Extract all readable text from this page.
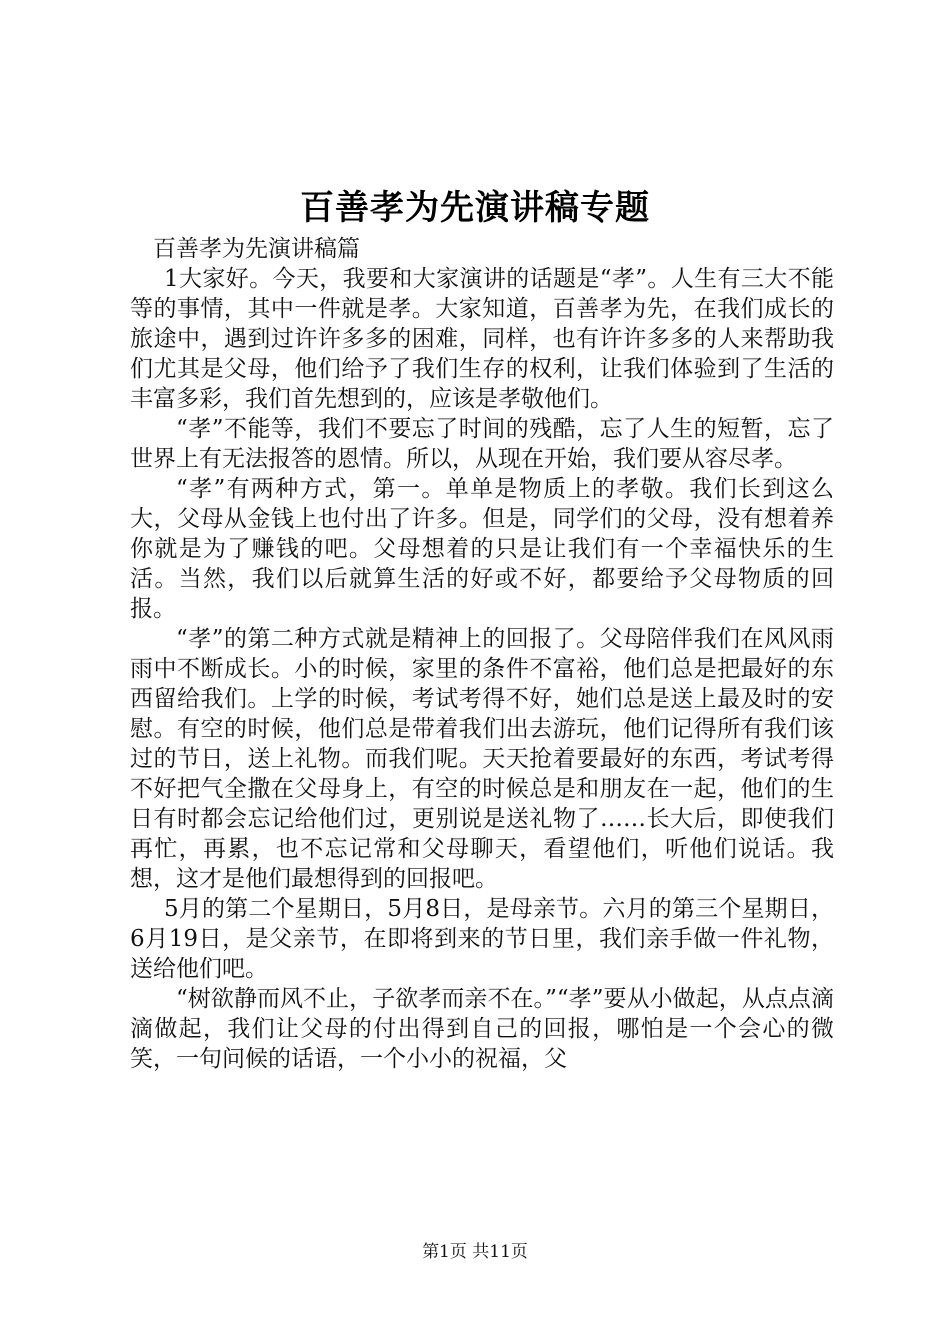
百善孝为先演讲稿专题

百善孝为先演讲稿篇

1大家好。今天，我要和大家演讲的话题是“孝”。人生有三大不能等的事情，其中一件就是孝。大家知道，百善孝为先，在我们成长的旅途中，遇到过许许多多的困难，同样，也有许许多多的人来帮助我们尤其是父母，他们给予了我们生存的权利，让我们体验到了生活的丰富多彩，我们首先想到的，应该是孝敬他们。

“孝”不能等，我们不要忘了时间的残酷，忘了人生的短暂，忘了世界上有无法报答的恩情。所以，从现在开始，我们要从容尽孝。

“孝”有两种方式，第一。单单是物质上的孝敬。我们长到这么大，父母从金钱上也付出了许多。但是，同学们的父母，没有想着养你就是为了赚钱的吧。父母想着的只是让我们有一个幸福快乐的生活。当然，我们以后就算生活的好或不好，都要给予父母物质的回报。

“孝”的第二种方式就是精神上的回报了。父母陪伴我们在风风雨雨中不断成长。小的时候，家里的条件不富裕，他们总是把最好的东西留给我们。上学的时候，考试考得不好，她们总是送上最及时的安慰。有空的时候，他们总是带着我们出去游玩，他们记得所有我们该过的节日，送上礼物。而我们呢。天天抢着要最好的东西，考试考得不好把气全撒在父母身上，有空的时候总是和朋友在一起，他们的生日有时都会忘记给他们过，更别说是送礼物了……长大后，即使我们再忙，再累，也不忘记常和父母聊天，看望他们，听他们说话。我想，这才是他们最想得到的回报吧。

5月的第二个星期日，5月8日，是母亲节。六月的第三个星期日，6月19日，是父亲节，在即将到来的节日里，我们亲手做一件礼物，送给他们吧。

“树欲静而风不止，子欲孝而亲不在。”“孝”要从小做起，从点点滴滴做起，我们让父母的付出得到自己的回报，哪怕是一个会心的微笑，一句问候的话语，一个小小的祝福，父

第1页 共11页
